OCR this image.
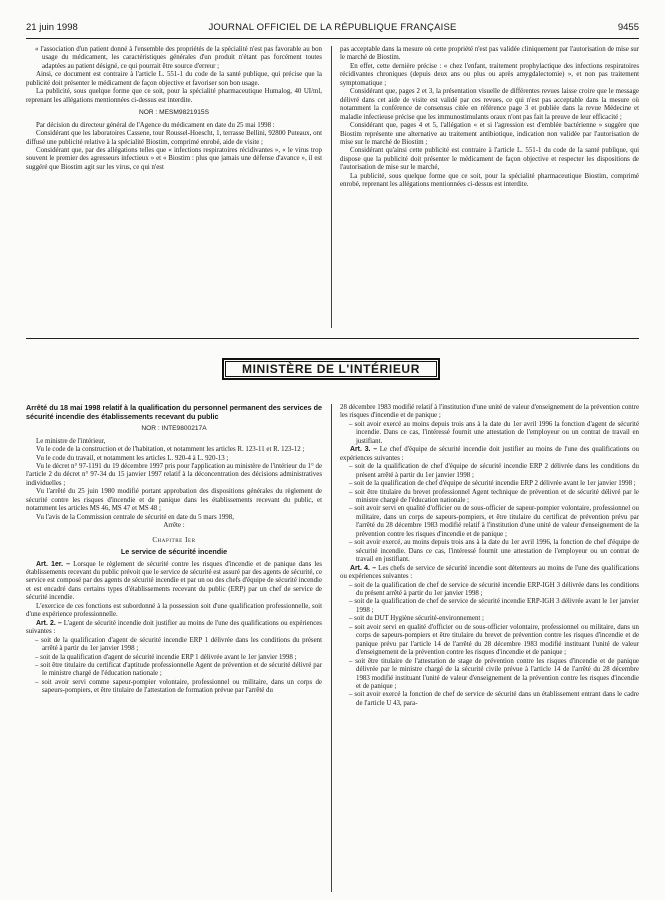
21 juin 1998	JOURNAL OFFICIEL DE LA RÉPUBLIQUE FRANÇAISE	9455

« l'association d'un patient donné à l'ensemble des propriétés de la spécialité n'est pas favorable au bon usage du médicament, les caractéristiques générales d'un produit n'étant pas forcément toutes adaptées au patient désigné, ce qui pourrait être source d'erreur ;

Ainsi, ce document est contraire à l'article L. 551-1 du code de la santé publique, qui précise que la publicité doit présenter le médicament de façon objective et favoriser son bon usage.

La publicité, sous quelque forme que ce soit, pour la spécialité pharmaceutique Humalog, 40 UI/ml, reprenant les allégations mentionnées ci-dessus est interdite.

NOR : MESM9821915S

Par décision du directeur général de l'Agence du médicament en date du 25 mai 1998 :

Considérant que les laboratoires Cassene, tour Roussel-Hoescht, 1, terrasse Bellini, 92800 Puteaux, ont diffusé une publicité relative à la spécialité Biostim, comprimé enrobé, aide de visite ;

Considérant que, par des allégations telles que « infections respiratoires récidivantes », « le virus trop souvent le premier des agresseurs infectieux » et « Biostim : plus que jamais une défense d'avance », il est suggéré que Biostim agit sur les virus, ce qui n'est

pas acceptable dans la mesure où cette propriété n'est pas validée cliniquement par l'autorisation de mise sur le marché de Biostim.

En effet, cette dernière précise : « chez l'enfant, traitement prophylactique des infections respiratoires récidivantes chroniques (depuis deux ans ou plus ou après amygdalectomie) », et non pas traitement symptomatique ;

Considérant que, pages 2 et 3, la présentation visuelle de différentes revues laisse croire que le message délivré dans cet aide de visite est validé par ces revues, ce qui n'est pas acceptable dans la mesure où notamment la conférence de consensus citée en référence page 3 et publiée dans la revue Médecine et maladie infectieuse précise que les immunostimulants oraux n'ont pas fait la preuve de leur efficacité ;

Considérant que, pages 4 et 5, l'allégation « et si l'agression est d'emblée bactérienne » suggère que Biostim représente une alternative au traitement antibiotique, indication non validée par l'autorisation de mise sur le marché de Biostim ;

Considérant qu'ainsi cette publicité est contraire à l'article L. 551-1 du code de la santé publique, qui dispose que la publicité doit présenter le médicament de façon objective et respecter les dispositions de l'autorisation de mise sur le marché,

La publicité, sous quelque forme que ce soit, pour la spécialité pharmaceutique Biostim, comprimé enrobé, reprenant les allégations mentionnées ci-dessus est interdite.

MINISTÈRE DE L'INTÉRIEUR

Arrêté du 18 mai 1998 relatif à la qualification du personnel permanent des services de sécurité incendie des établissements recevant du public

NOR : INTE9800217A

Le ministre de l'intérieur,

Vu le code de la construction et de l'habitation, et notamment les articles R. 123-11 et R. 123-12 ;

Vu le code du travail, et notamment les articles L. 920-4 à L. 920-13 ;

Vu le décret n° 97-1191 du 19 décembre 1997 pris pour l'application au ministère de l'intérieur du 1° de l'article 2 du décret n° 97-34 du 15 janvier 1997 relatif à la déconcentration des décisions administratives individuelles ;

Vu l'arrêté du 25 juin 1980 modifié portant approbation des dispositions générales du règlement de sécurité contre les risques d'incendie et de panique dans les établissements recevant du public, et notamment les articles MS 46, MS 47 et MS 48 ;

Vu l'avis de la Commission centrale de sécurité en date du 5 mars 1998,

Arrête :

Chapitre Ier

Le service de sécurité incendie

Art. 1er. – Lorsque le règlement de sécurité contre les risques d'incendie et de panique dans les établissements recevant du public prévoit que le service de sécurité est assuré par des agents de sécurité, ce service est composé par des agents de sécurité incendie et par un ou des chefs d'équipe de sécurité incendie et est encadré dans certains types d'établissements recevant du public (ERP) par un chef de service de sécurité incendie.

L'exercice de ces fonctions est subordonné à la possession soit d'une qualification professionnelle, soit d'une expérience professionnelle.

Art. 2. – L'agent de sécurité incendie doit justifier au moins de l'une des qualifications ou expériences suivantes :

– soit de la qualification d'agent de sécurité incendie ERP 1 délivrée dans les conditions du présent arrêté à partir du 1er janvier 1998 ;

– soit de la qualification d'agent de sécurité incendie ERP 1 délivrée avant le 1er janvier 1998 ;

– soit être titulaire du certificat d'aptitude professionnelle Agent de prévention et de sécurité délivré par le ministre chargé de l'éducation nationale ;

– soit avoir servi comme sapeur-pompier volontaire, professionnel ou militaire, dans un corps de sapeurs-pompiers, et être titulaire de l'attestation de formation prévue par l'arrêté du

28 décembre 1983 modifié relatif à l'institution d'une unité de valeur d'enseignement de la prévention contre les risques d'incendie et de panique ;

– soit avoir exercé au moins depuis trois ans à la date du 1er avril 1996 la fonction d'agent de sécurité incendie. Dans ce cas, l'intéressé fournit une attestation de l'employeur ou un contrat de travail en justifiant.

Art. 3. – Le chef d'équipe de sécurité incendie doit justifier au moins de l'une des qualifications ou expériences suivantes :

– soit de la qualification de chef d'équipe de sécurité incendie ERP 2 délivrée dans les conditions du présent arrêté à partir du 1er janvier 1998 ;

– soit de la qualification de chef d'équipe de sécurité incendie ERP 2 délivrée avant le 1er janvier 1998 ;

– soit être titulaire du brevet professionnel Agent technique de prévention et de sécurité délivré par le ministre chargé de l'éducation nationale ;

– soit avoir servi en qualité d'officier ou de sous-officier de sapeur-pompier volontaire, professionnel ou militaire, dans un corps de sapeurs-pompiers, et être titulaire du certificat de prévention prévu par l'arrêté du 28 décembre 1983 modifié relatif à l'institution d'une unité de valeur d'enseignement de la prévention contre les risques d'incendie et de panique ;

– soit avoir exercé, au moins depuis trois ans à la date du 1er avril 1996, la fonction de chef d'équipe de sécurité incendie. Dans ce cas, l'intéressé fournit une attestation de l'employeur ou un contrat de travail en justifiant.

Art. 4. – Les chefs de service de sécurité incendie sont détenteurs au moins de l'une des qualifications ou expériences suivantes :

– soit de la qualification de chef de service de sécurité incendie ERP-IGH 3 délivrée dans les conditions du présent arrêté à partir du 1er janvier 1998 ;

– soit de la qualification de chef de service de sécurité incendie ERP-IGH 3 délivrée avant le 1er janvier 1998 ;

– soit du DUT Hygiène sécurité-environnement ;

– soit avoir servi en qualité d'officier ou de sous-officier volontaire, professionnel ou militaire, dans un corps de sapeurs-pompiers et être titulaire du brevet de prévention contre les risques d'incendie et de panique prévu par l'article 14 de l'arrêté du 28 décembre 1983 modifié instituant l'unité de valeur d'enseignement de la prévention contre les risques d'incendie et de panique ;

– soit être titulaire de l'attestation de stage de prévention contre les risques d'incendie et de panique délivrée par le ministre chargé de la sécurité civile prévue à l'article 14 de l'arrêté du 28 décembre 1983 modifié instituant l'unité de valeur d'enseignement de la prévention contre les risques d'incendie et de panique ;

– soit avoir exercé la fonction de chef de service de sécurité dans un établissement entrant dans le cadre de l'article U 43, para-
